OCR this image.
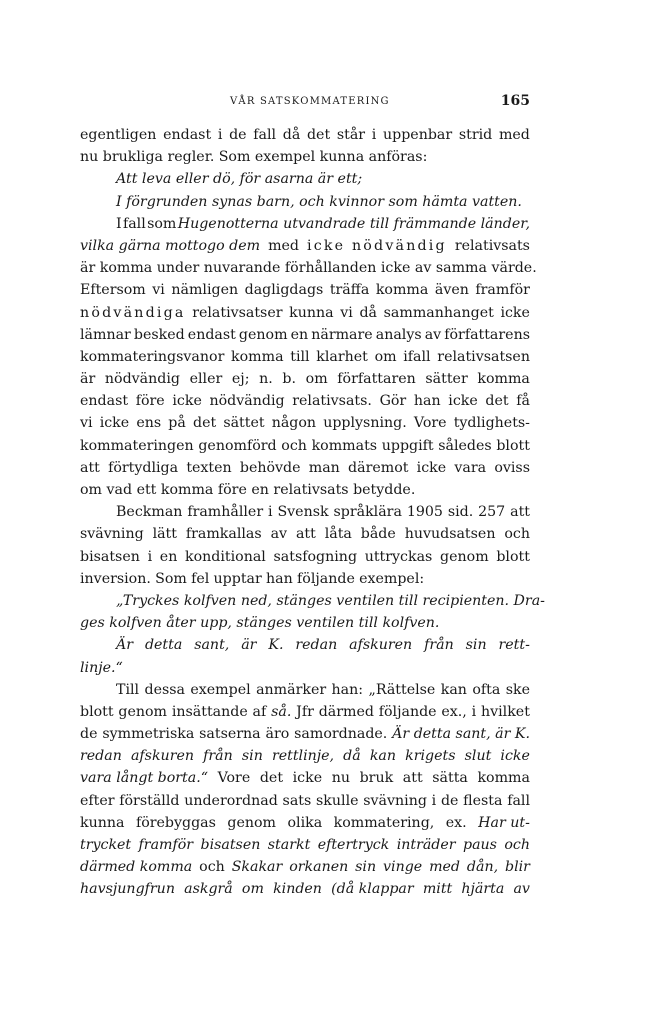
VÅR SATSKOMMATERING	165
egentligen endast i de fall då det står i uppenbar strid med
nu brukliga regler. Som exempel kunna anföras:
Att leva eller dö, för asarna är ett;
I förgrunden synas barn, och kvinnor som hämta vatten.
I fall som Hugenotterna utvandrade till främmande länder,
vilka gärna mottogo dem med icke nödvändig relativsats
är komma under nuvarande förhållanden icke av samma värde.
Eftersom vi nämligen dagligdags träffa komma även framför
nödvändiga relativsatser kunna vi då sammanhanget icke
lämnar besked endast genom en närmare analys av författarens
kommateringsvanor komma till klarhet om ifall relativsatsen
är nödvändig eller ej; n. b. om författaren sätter komma
endast före icke nödvändig relativsats. Gör han icke det få
vi icke ens på det sättet någon upplysning. Vore tydlighets-
kommateringen genomförd och kommats uppgift således blott
att förtydliga texten behövde man däremot icke vara oviss
om vad ett komma före en relativsats betydde.
Beckman framhåller i Svensk språklära 1905 sid. 257 att
svävning lätt framkallas av att låta både huvudsatsen och
bisatsen i en konditional satsfogning uttryckas genom blott
inversion. Som fel upptar han följande exempel:
„Tryckes kolfven ned, stänges ventilen till recipienten. Dra-
ges kolfven åter upp, stänges ventilen till kolfven.
Är detta sant, är K. redan afskuren från sin rett-
linje.“
Till dessa exempel anmärker han: „Rättelse kan ofta ske
blott genom insättande af så. Jfr därmed följande ex., i hvilket
de symmetriska satserna äro samordnade. Är detta sant, är K.
redan afskuren från sin rettlinje, då kan krigets slut icke
vara långt borta.“ Vore det icke nu bruk att sätta komma
efter förställd underordnad sats skulle svävning i de flesta fall
kunna förebyggas genom olika kommatering, ex. Har ut-
trycket framför bisatsen starkt eftertryck inträder paus och
därmed komma och Skakar orkanen sin vinge med dån, blir
havsjungfrun askgrå om kinden (då klappar mitt hjärta av
